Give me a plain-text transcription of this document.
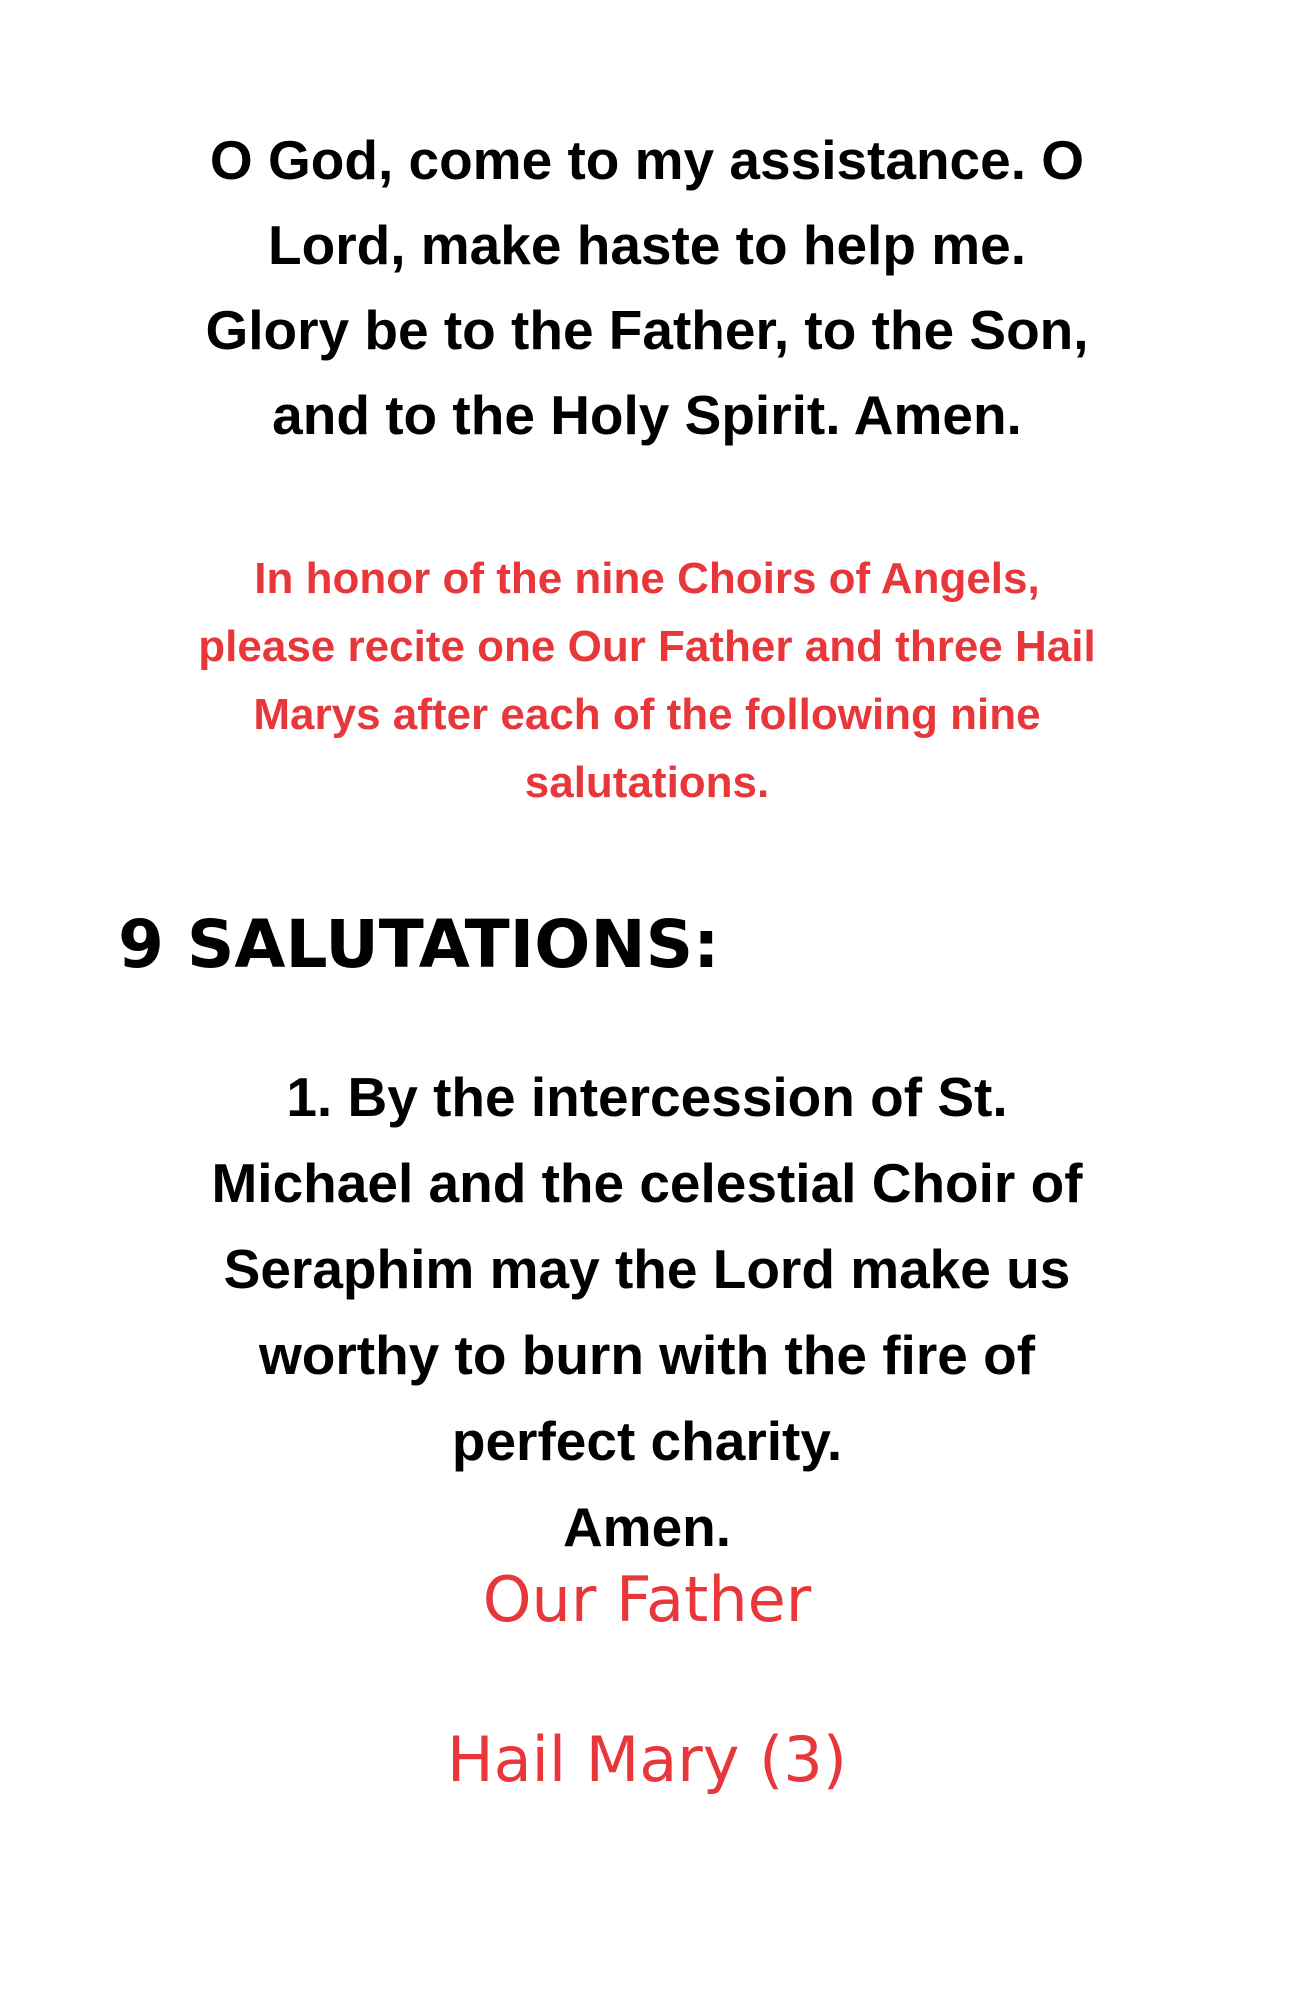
O God, come to my assistance. O
Lord, make haste to help me.
Glory be to the Father, to the Son,
and to the Holy Spirit. Amen.
In honor of the nine Choirs of Angels,
please recite one Our Father and three Hail
Marys after each of the following nine
salutations.
9 SALUTATIONS:
1. By the intercession of St.
Michael and the celestial Choir of
Seraphim may the Lord make us
worthy to burn with the fire of
perfect charity.
Amen.
Our Father
Hail Mary (3)
